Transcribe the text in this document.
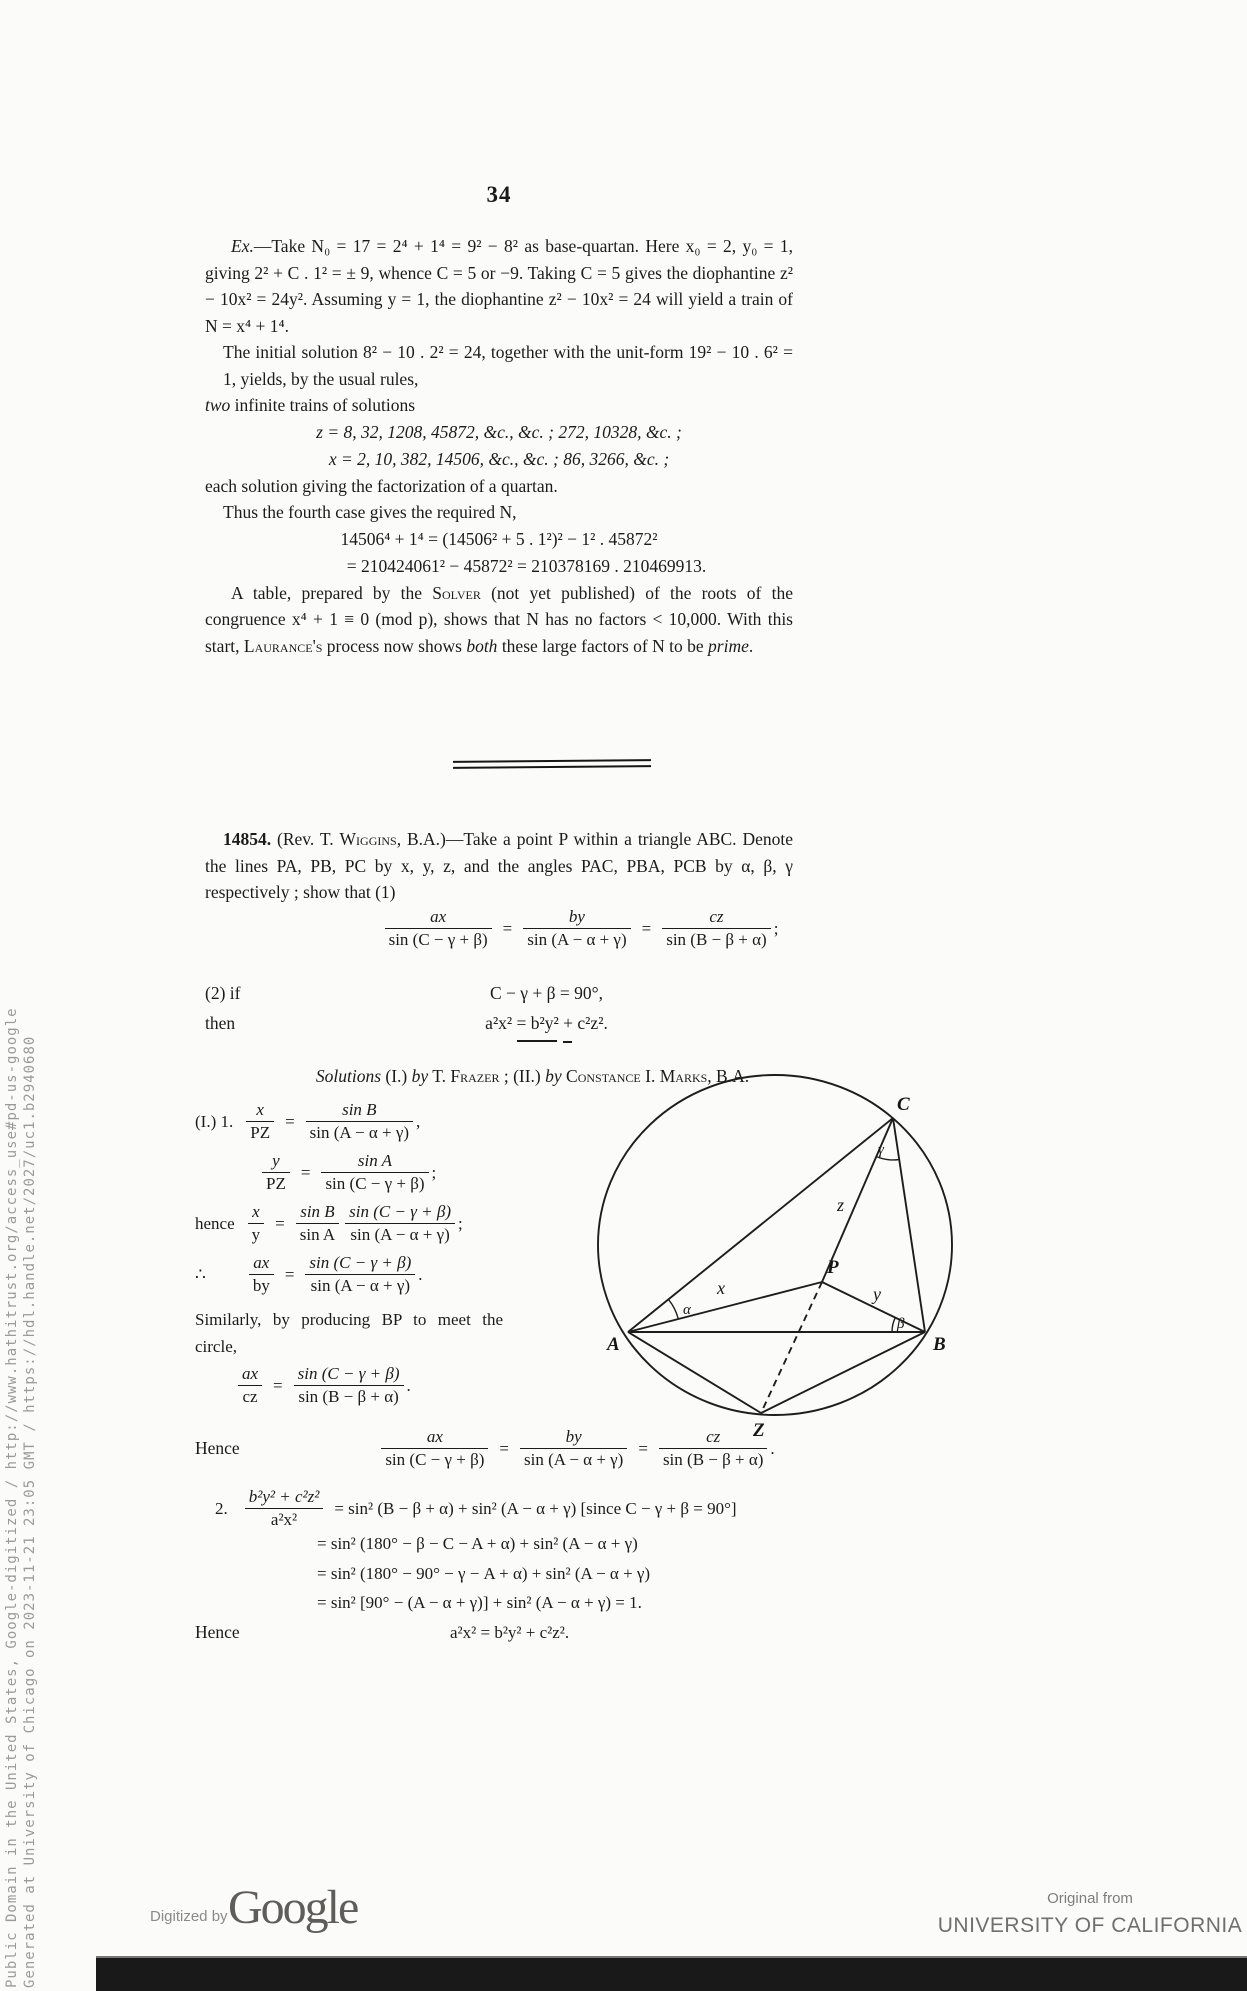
Generated at University of Chicago on 2023-11-21 23:05 GMT / https://hdl.handle.net/2027/uc1.b2940680
Public Domain in the United States, Google-digitized / http://www.hathitrust.org/access_use#pd-us-google
34

Ex.—Take N₀ = 17 = 2⁴ + 1⁴ = 9² − 8² as base-quartan. Here x₀ = 2, y₀ = 1, giving 2² + C . 1² = ± 9, whence C = 5 or −9. Taking C = 5 gives the diophantine z² − 10x² = 24y². Assuming y = 1, the diophantine z² − 10x² = 24 will yield a train of N = x⁴ + 1⁴.

The initial solution 8² − 10 . 2² = 24, together with the unit-form 19² − 10 . 6² = 1, yields, by the usual rules,two infinite trains of solutions

z = 8, 32, 1208, 45872, &c., &c. ; 272, 10328, &c. ;
x = 2, 10, 382, 14506, &c., &c. ; 86, 3266, &c. ;

each solution giving the factorization of a quartan.

Thus the fourth case gives the required N,

14506⁴ + 1⁴ = (14506² + 5 . 1²)² − 1² . 45872²
= 210424061² − 45872² = 210378169 . 210469913.

A table, prepared by the Solver (not yet published) of the roots of the congruence x⁴ + 1 ≡ 0 (mod p), shows that N has no factors < 10,000. With this start, Laurance's process now shows both these large factors of N to be prime.

14854. (Rev. T. Wiggins, B.A.)—Take a point P within a triangle ABC. Denote the lines PA, PB, PC by x, y, z, and the angles PAC, PBA, PCB by α, β, γ respectively ; show that (1)

$\frac{ax}{\sin (C - \gamma + \beta)} = \frac{by}{\sin (A - \alpha + \gamma)} = \frac{cz}{\sin (B - \beta + \alpha)}$ ;
(2) if	C − γ + β = 90°,
then	a²x² = b²y² + c²z².
Solutions (I.) by T. Frazer ; (II.) by Constance I. Marks, B.A.
(I.) 1. $\frac{x}{PZ} = \frac{\text{sin B}}{\sin (A - \alpha + \gamma)}$ ,
$\frac{y}{PZ} = \frac{\text{sin A}}{\sin (C - \gamma + \beta)}$ ;
hence $\frac{x}{y} = \frac{\text{sin B}}{\text{sin A}} \frac{\sin (C - \gamma + \beta)}{\sin (A - \alpha + \gamma)}$ ;
∴	$\frac{ax}{by} = \frac{\sin (C - \gamma + \beta)}{\sin (A - \alpha + \gamma)}$ .
Similarly, by producing BP to meet the circle,
$\frac{ax}{cz} = \frac{\sin (C - \gamma + \beta)}{\sin (B - \beta + \alpha)}$ .
A	B
C
Z
P
x	y
z
α
β
γ
Hence	$\frac{ax}{\sin (C - \gamma + \beta)} = \frac{by}{\sin (A - \alpha + \gamma)} = \frac{cz}{\sin (B - \beta + \alpha)}$ .
2. $\frac{\text{b²y² + c²z²}}{\text{a²x²}} = \sin^2$ (B − β + α) + sin² (A − α + γ) [since C − γ + β = 90°]
= sin² (180° − β − C − A + α) + sin² (A − α + γ)
= sin² (180° − 90° − γ − A + α) + sin² (A − α + γ)
= sin² [90° − (A − α + γ)] + sin² (A − α + γ) = 1.
Hence	a²x² = b²y² + c²z².
Digitized by Google	Original from
UNIVERSITY OF CALIFORNIA
